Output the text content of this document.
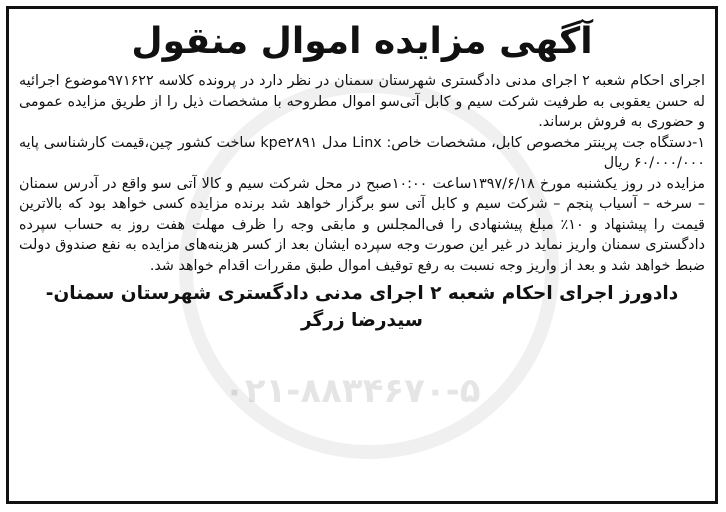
۰۲۱-۸۸۳۴۶۷۰-۵
آگهی مزایده اموال منقول

اجرای احکام شعبه ۲ اجرای مدنی دادگستری شهرستان سمنان در نظر دارد در پرونده کلاسه ۹۷۱۶۲۲موضوع اجرائیه له حسن یعقوبی به طرفیت شرکت سیم و کابل آتی‌سو اموال مطروحه با مشخصات ذیل را از طریق مزایده عمومی و حضوری به فروش برساند.

۱-دستگاه جت پرینتر مخصوص کابل، مشخصات خاص: Linx مدل kpe۲۸۹۱ ساخت کشور چین،قیمت کارشناسی پایه ۶۰/۰۰۰/۰۰۰ ریال

مزایده در روز یکشنبه مورخ ۱۳۹۷/۶/۱۸ساعت ۱۰:۰۰صبح در محل شرکت سیم و کالا آتی سو واقع در آدرس سمنان – سرخه – آسیاب پنجم – شرکت سیم و کابل آتی سو برگزار خواهد شد برنده مزایده کسی خواهد بود که بالاترین قیمت را پیشنهاد و ۱۰٪ مبلغ پیشنهادی را فی‌المجلس و مابقی وجه را ظرف مهلت هفت روز به حساب سپرده دادگستری سمنان واریز نماید در غیر این صورت وجه سپرده ایشان بعد از کسر هزینه‌های مزایده به نفع صندوق دولت ضبط خواهد شد و بعد از واریز وجه نسبت به رفع توقیف اموال طبق مقررات اقدام خواهد شد.

دادورز اجرای احکام شعبه ۲ اجرای مدنی دادگستری شهرستان سمنان-
سیدرضا زرگر
